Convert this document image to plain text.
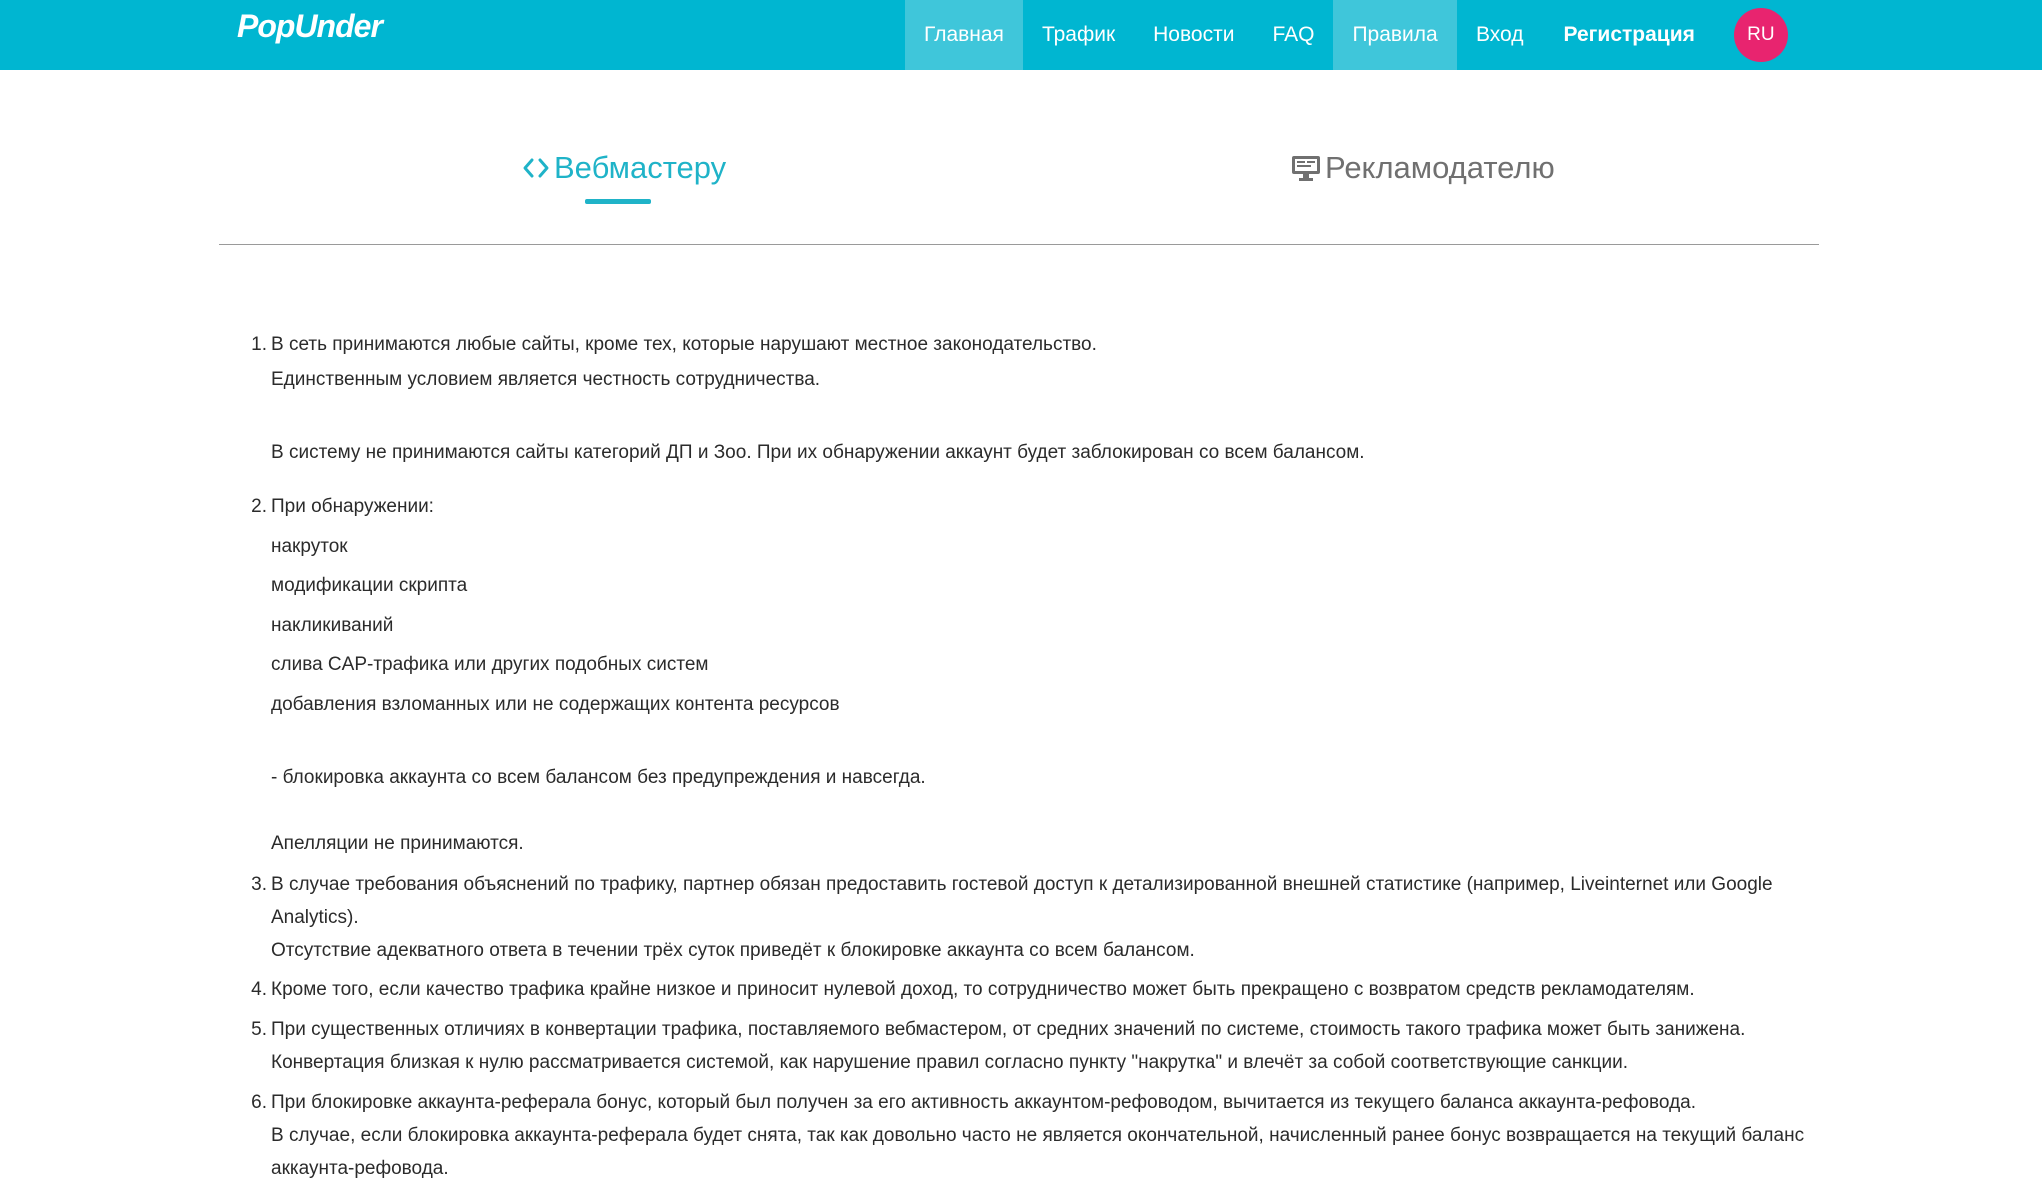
PopUnder	Главная	Трафик	Новости	FAQ	Правила	Вход Регистрация	RU
Вебмастеру	Рекламодателю
1. В сеть принимаются любые сайты, кроме тех, которые нарушают местное законодательство.
Единственным условием является честность сотрудничества.
В систему не принимаются сайты категорий ДП и Зоо. При их обнаружении аккаунт будет заблокирован со всем балансом.
2. При обнаружении:
накруток
модификации скрипта
накликиваний
слива CAP-трафика или других подобных систем
добавления взломанных или не содержащих контента ресурсов
- блокировка аккаунта со всем балансом без предупреждения и навсегда.
Апелляции не принимаются.
3. В случае требования объяснений по трафику, партнер обязан предоставить гостевой доступ к детализированной внешней статистике (например, Liveinternet или Google
Analytics).
Отсутствие адекватного ответа в течении трёх суток приведёт к блокировке аккаунта со всем балансом.
4. Кроме того, если качество трафика крайне низкое и приносит нулевой доход, то сотрудничество может быть прекращено с возвратом средств рекламодателям.
5. При существенных отличиях в конвертации трафика, поставляемого вебмастером, от средних значений по системе, стоимость такого трафика может быть занижена.
Конвертация близкая к нулю рассматривается системой, как нарушение правил согласно пункту "накрутка" и влечёт за собой соответствующие санкции.
6. При блокировке аккаунта-реферала бонус, который был получен за его активность аккаунтом-рефоводом, вычитается из текущего баланса аккаунта-рефовода.
В случае, если блокировка аккаунта-реферала будет снята, так как довольно часто не является окончательной, начисленный ранее бонус возвращается на текущий баланс
аккаунта-рефовода.
